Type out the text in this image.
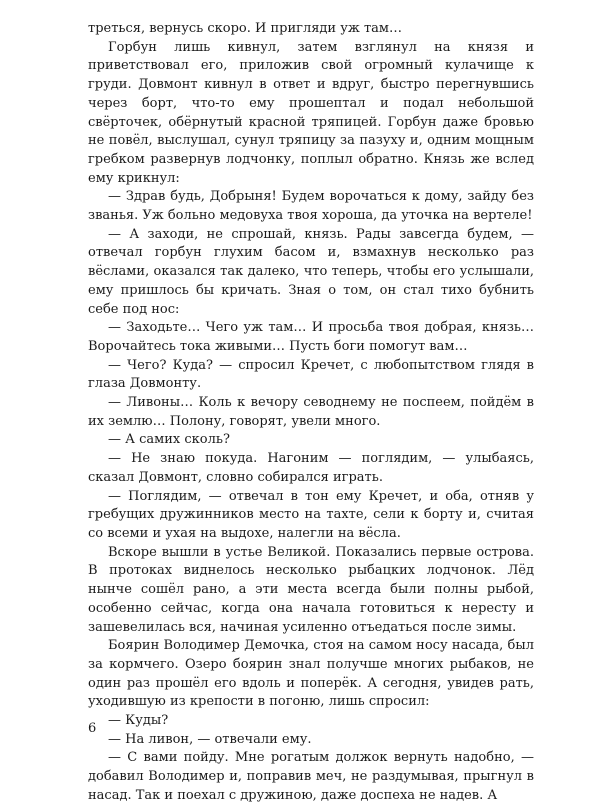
треться, вернусь скоро. И пригляди уж там…

Горбун лишь кивнул, затем взглянул на князя и приветствовал его, приложив свой огромный кулачище к груди. Довмонт кивнул в ответ и вдруг, быстро перегнувшись через борт, что-то ему прошептал и подал небольшой свёрточек, обёрнутый красной тряпицей. Горбун даже бровью не повёл, выслушал, сунул тряпицу за пазуху и, одним мощным гребком развернув лодчонку, поплыл обратно. Князь же вслед ему крикнул:

— Здрав будь, Добрыня! Будем ворочаться к дому, зайду без званья. Уж больно медовуха твоя хороша, да уточка на вертеле!

— А заходи, не спрошай, князь. Рады завсегда будем, — отвечал горбун глухим басом и, взмахнув несколько раз вёслами, оказался так далеко, что теперь, чтобы его услышали, ему пришлось бы кричать. Зная о том, он стал тихо бубнить себе под нос:

— Заходьте… Чего уж там… И просьба твоя добрая, князь… Ворочайтесь тока живыми… Пусть боги помогут вам…

— Чего? Куда? — спросил Кречет, с любопытством глядя в глаза Довмонту.

— Ливоны… Коль к вечору севоднему не поспеем, пойдём в их землю… Полону, говорят, увели много.

— А самих сколь?

— Не знаю покуда. Нагоним — поглядим, — улыбаясь, сказал Довмонт, словно собирался играть.

— Поглядим, — отвечал в тон ему Кречет, и оба, отняв у гребущих дружинников место на тахте, сели к борту и, считая со всеми и ухая на выдохе, налегли на вёсла.

Вскоре вышли в устье Великой. Показались первые острова. В протоках виднелось несколько рыбацких лодчонок. Лёд нынче сошёл рано, а эти места всегда были полны рыбой, особенно сейчас, когда она начала готовиться к нересту и зашевелилась вся, начиная усиленно отъедаться после зимы.

Боярин Володимер Демочка, стоя на самом носу насада, был за кормчего. Озеро боярин знал получше многих рыбаков, не один раз прошёл его вдоль и поперёк. А сегодня, увидев рать, уходившую из крепости в погоню, лишь спросил:

— Куды?

— На ливон, — отвечали ему.

— С вами пойду. Мне рогатым должок вернуть надобно, — добавил Володимер и, поправив меч, не раздумывая, прыгнул в насад. Так и поехал с дружиною, даже доспеха не надев. А

6
